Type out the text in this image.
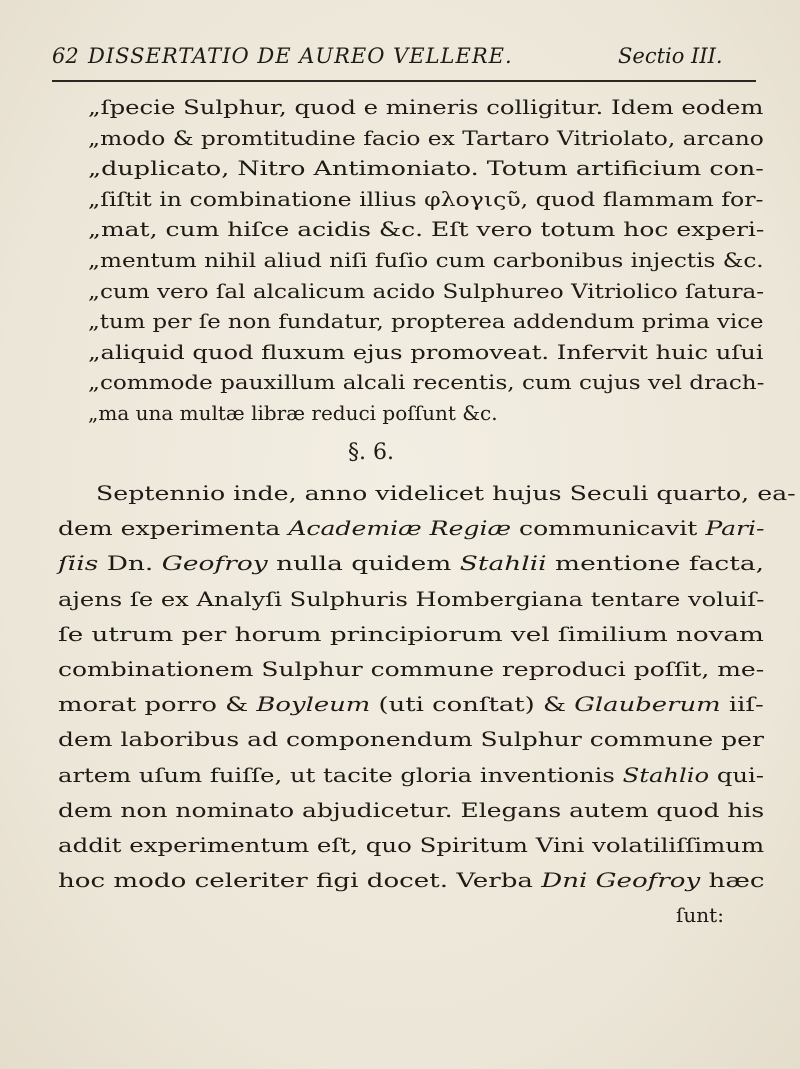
62 DISSERTATIO DE AUREO VELLERE.	Sectio III.
„ſpecie Sulphur, quod e mineris colligitur. Idem eodem
„modo & promtitudine facio ex Tartaro Vitriolato, arcano
„duplicato, Nitro Antimoniato. Totum artificium con-
„ſiſtit in combinatione illius φλογιςῦ, quod flammam for-
„mat, cum hiſce acidis &c. Eſt vero totum hoc experi-
„mentum nihil aliud niſi fuſio cum carbonibus injectis &c.
„cum vero ſal alcalicum acido Sulphureo Vitriolico ſatura-
„tum per ſe non fundatur, propterea addendum prima vice
„aliquid quod fluxum ejus promoveat. Infervit huic uſui
„commode pauxillum alcali recentis, cum cujus vel drach-
„ma una multæ libræ reduci poſſunt &c.
§. 6.
Septennio inde, anno videlicet hujus Seculi quarto, ea-
dem experimenta Academiæ Regiæ communicavit Pari-
ſiis Dn. Geofroy nulla quidem Stahlii mentione facta,
ajens ſe ex Analyſi Sulphuris Hombergiana tentare voluiſ-
ſe utrum per horum principiorum vel ſimilium novam
combinationem Sulphur commune reproduci poſſit, me-
morat porro & Boyleum (uti conſtat) & Glauberum iiſ-
dem laboribus ad componendum Sulphur commune per
artem uſum fuiſſe, ut tacite gloria inventionis Stahlio qui-
dem non nominato abjudicetur. Elegans autem quod his
addit experimentum eſt, quo Spiritum Vini volatiliſſimum
hoc modo celeriter figi docet. Verba Dni Geofroy hæc
ſunt:
